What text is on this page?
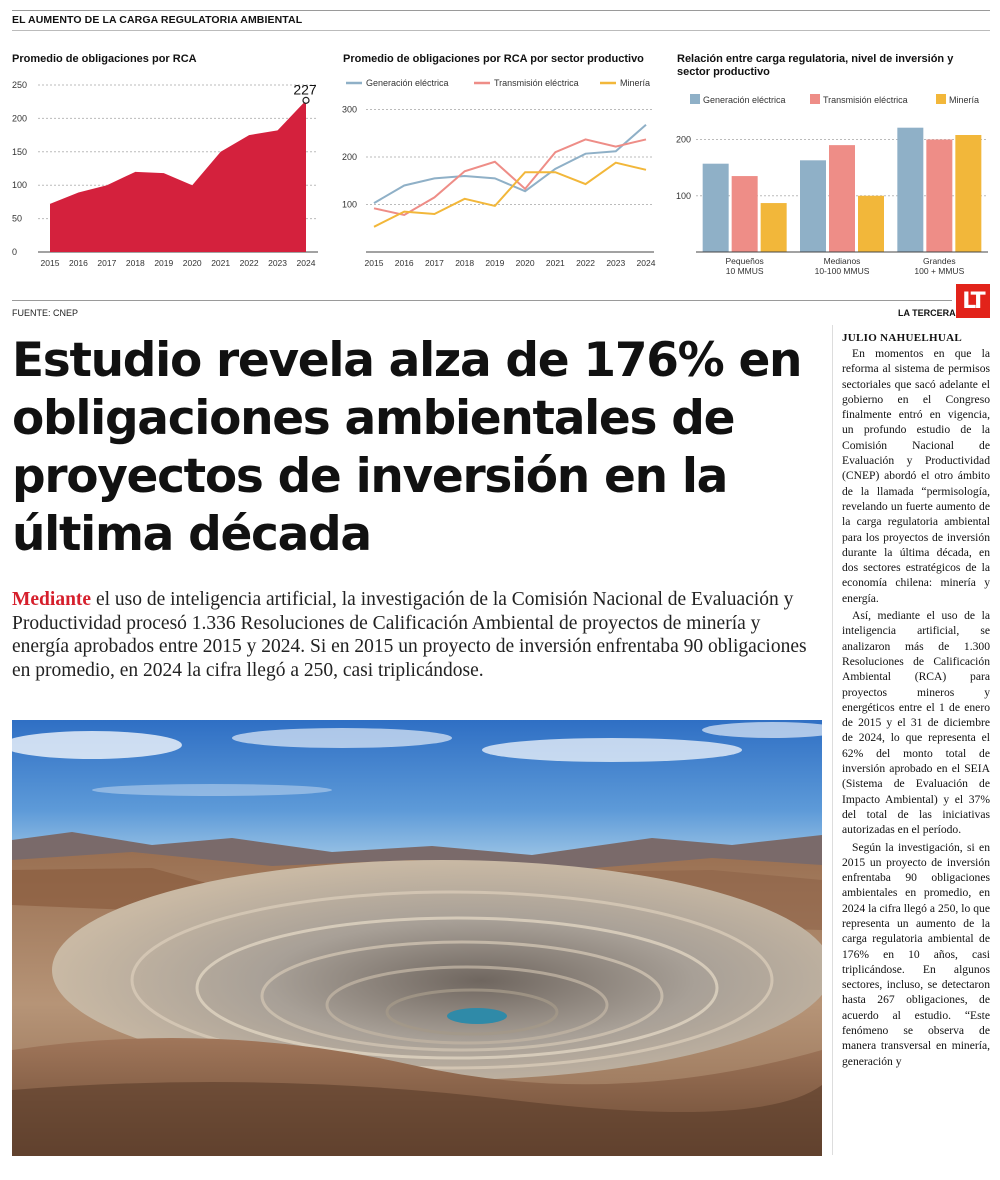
EL AUMENTO DE LA CARGA REGULATORIA AMBIENTAL
Promedio de obligaciones por RCA
0
50
100
150
200
250
2015 2016 2017 2018 2019 2020 2021 2022 2023 2024
227
Promedio de obligaciones por RCA por sector productivo
Generación eléctrica	Transmisión eléctrica	Minería
100
200
300
2015 2016 2017 2018 2019 2020 2021 2022 2023 2024
Relación entre carga regulatoria, nivel de inversión y sector productivo
Generación eléctrica	Transmisión eléctrica	Minería
100
200
Pequeños
10 MMUS
Medianos
10-100 MMUS
Grandes
100 + MMUS
FUENTE: CNEP	LA TERCERA LT
Estudio revela alza de 176% en obligaciones ambientales de proyectos de inversión en la última década

Mediante el uso de inteligencia artificial, la investigación de la Comisión Nacional de Evaluación y Productividad procesó 1.336 Resoluciones de Calificación Ambiental de proyectos de minería y energía aprobados entre 2015 y 2024. Si en 2015 un proyecto de inversión enfrentaba 90 obligaciones en promedio, en 2024 la cifra llegó a 250, casi triplicándose.

JULIO NAHUELHUAL

En momentos en que la reforma al sistema de permisos sectoriales que sacó adelante el gobierno en el Congreso finalmente entró en vigencia, un profundo estudio de la Comisión Nacional de Evaluación y Productividad (CNEP) abordó el otro ámbito de la llamada “permisología, revelando un fuerte aumento de la carga regulatoria ambiental para los proyectos de inversión durante la última década, en dos sectores estratégicos de la economía chilena: minería y energía.

Así, mediante el uso de la inteligencia artificial, se analizaron más de 1.300 Resoluciones de Calificación Ambiental (RCA) para proyectos mineros y energéticos entre el 1 de enero de 2015 y el 31 de diciembre de 2024, lo que representa el 62% del monto total de inversión aprobado en el SEIA (Sistema de Evaluación de Impacto Ambiental) y el 37% del total de las iniciativas autorizadas en el período.

Según la investigación, si en 2015 un proyecto de inversión enfrentaba 90 obligaciones ambientales en promedio, en 2024 la cifra llegó a 250, lo que representa un aumento de la carga regulatoria ambiental de 176% en 10 años, casi triplicándose. En algunos sectores, incluso, se detectaron hasta 267 obligaciones, de acuerdo al estudio. “Este fenómeno se observa de manera transversal en minería, generación y
